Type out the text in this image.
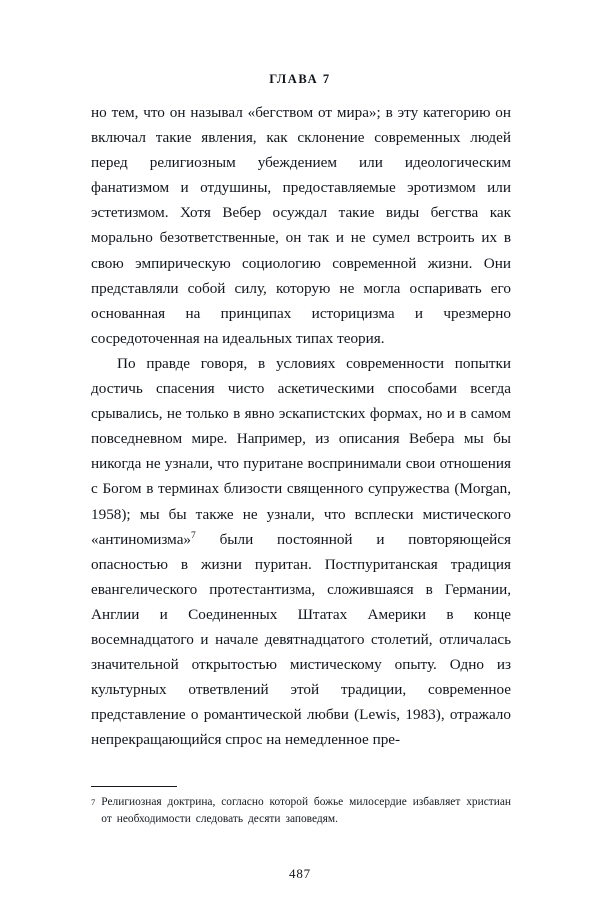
ГЛАВА 7

но тем, что он называл «бегством от мира»; в эту категорию он включал такие явления, как склонение современных людей перед религиозным убеждением или идеологическим фанатизмом и отдушины, предоставляемые эротизмом или эстетизмом. Хотя Вебер осуждал такие виды бегства как морально безответственные, он так и не сумел встроить их в свою эмпирическую социологию современной жизни. Они представляли собой силу, которую не могла оспаривать его основанная на принципах историцизма и чрезмерно сосредоточенная на идеальных типах теория.

По правде говоря, в условиях современности попытки достичь спасения чисто аскетическими способами всегда срывались, не только в явно эскапистских формах, но и в самом повседневном мире. Например, из описания Вебера мы бы никогда не узнали, что пуритане воспринимали свои отношения с Богом в терминах близости священного супружества (Morgan, 1958); мы бы также не узнали, что всплески мистического «антиномизма»$^7$ были постоянной и повторяющейся опасностью в жизни пуритан. Постпуританская традиция евангелического протестантизма, сложившаяся в Германии, Англии и Соединенных Штатах Америки в конце восемнадцатого и начале девятнадцатого столетий, отличалась значительной открытостью мистическому опыту. Одно из культурных ответвлений этой традиции, современное представление о романтической любви (Lewis, 1983), отражало непрекращающийся спрос на немедленное пре-

7 Религиозная доктрина, согласно которой божье милосердие избавляет христиан от необходимости следовать десяти заповедям.
487
